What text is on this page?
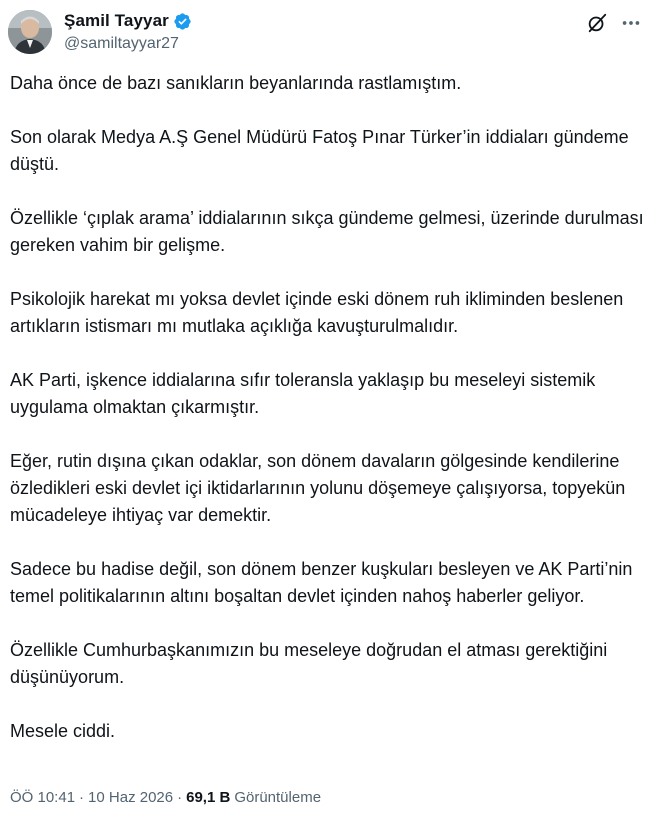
Şamil Tayyar
@samiltayyar27

Daha önce de bazı sanıkların beyanlarında rastlamıştım.

Son olarak Medya A.Ş Genel Müdürü Fatoş Pınar Türker’in iddiaları gündeme düştü.

Özellikle ‘çıplak arama’ iddialarının sıkça gündeme gelmesi, üzerinde durulması gereken vahim bir gelişme.

Psikolojik harekat mı yoksa devlet içinde eski dönem ruh ikliminden beslenen artıkların istismarı mı mutlaka açıklığa kavuşturulmalıdır.

AK Parti, işkence iddialarına sıfır toleransla yaklaşıp bu meseleyi sistemik uygulama olmaktan çıkarmıştır.

Eğer, rutin dışına çıkan odaklar, son dönem davaların gölgesinde kendilerine özledikleri eski devlet içi iktidarlarının yolunu döşemeye çalışıyorsa, topyekün mücadeleye ihtiyaç var demektir.

Sadece bu hadise değil, son dönem benzer kuşkuları besleyen ve AK Parti’nin temel politikalarının altını boşaltan devlet içinden nahoş haberler geliyor.

Özellikle Cumhurbaşkanımızın bu meseleye doğrudan el atması gerektiğini düşünüyorum.

Mesele ciddi.

ÖÖ 10:41 · 10 Haz 2026 · 69,1 B Görüntüleme
